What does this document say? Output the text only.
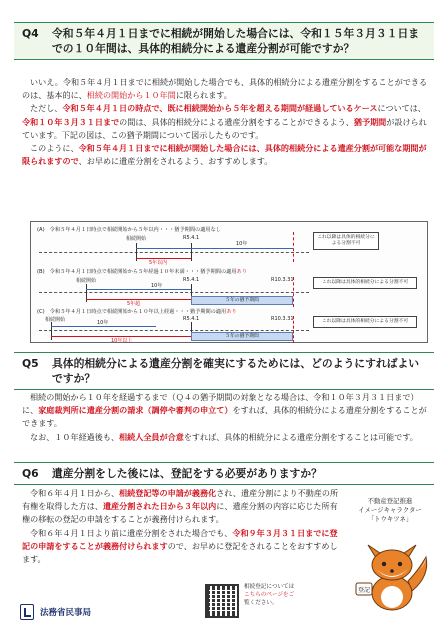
Q4 令和５年４月１日までに相続が開始した場合には、令和１５年３月３１日までの１０年間は、具体的相続分による遺産分割が可能ですか？

いいえ。令和５年４月１日までに相続が開始した場合でも、具体的相続分による遺産分割をすることができるのは、基本的に、相続の開始から１０年間に限られます。

ただし、令和５年４月１日の時点で、既に相続開始から５年を超える期間が経過しているケースについては、令和１０年３月３１日までの間は、具体的相続分による遺産分割をすることができるよう、猶予期間が設けられています。下記の図は、この猶予期間について図示したものです。

このように、令和５年４月１日までに相続が開始した場合には、具体的相続分による遺産分割が可能な期間が限られますので、お早めに遺産分割をされるよう、おすすめします。

(A)　令和５年４月１日時点で相続開始から５年以内・・・猶予期間の適用なし
相続開始	R5.4.1
10年
5年以内
これ以降は具体的相続分による分割不可
(B)　令和５年４月１日時点で相続開始から５年経過１０年未満・・・猶予期間の適用あり
相続開始	R5.4.1	R10.3.31
10年
5年超
５年の猶予期間
これ以降は具体的相続分による分割不可
(C)　令和５年４月１日時点で相続開始から１０年以上経過・・・猶予期間の適用あり
相続開始	R5.4.1	R10.3.31
10年
10年以上
５年の猶予期間
これ以降は具体的相続分による分割不可
Q5 具体的相続分による遺産分割を確実にするためには、どのようにすればよいですか？

相続の開始から１０年を経過するまで（Ｑ４の猶予期間の対象となる場合は、令和１０年３月３１日まで）に、家庭裁判所に遺産分割の請求（調停や審判の申立て）をすれば、具体的相続分による遺産分割をすることができます。

なお、１０年経過後も、相続人全員が合意をすれば、具体的相続分による遺産分割をすることは可能です。

Q6 遺産分割をした後には、登記をする必要がありますか？

令和６年４月１日から、相続登記等の申請が義務化され、遺産分割により不動産の所有権を取得した方は、遺産分割された日から３年以内に、遺産分割の内容に応じた所有権の移転の登記の申請をすることが義務付けられます。

令和６年４月１日より前に遺産分割をされた場合でも、令和９年３月３１日までに登記の申請をすることが義務付けられますので、お早めに登記をされることをおすすめします。

不動産登記推進
イメージキャラクター
「トウキツネ」
登記
相続登記については
こちらのページをご
覧ください。
法務省民事局
